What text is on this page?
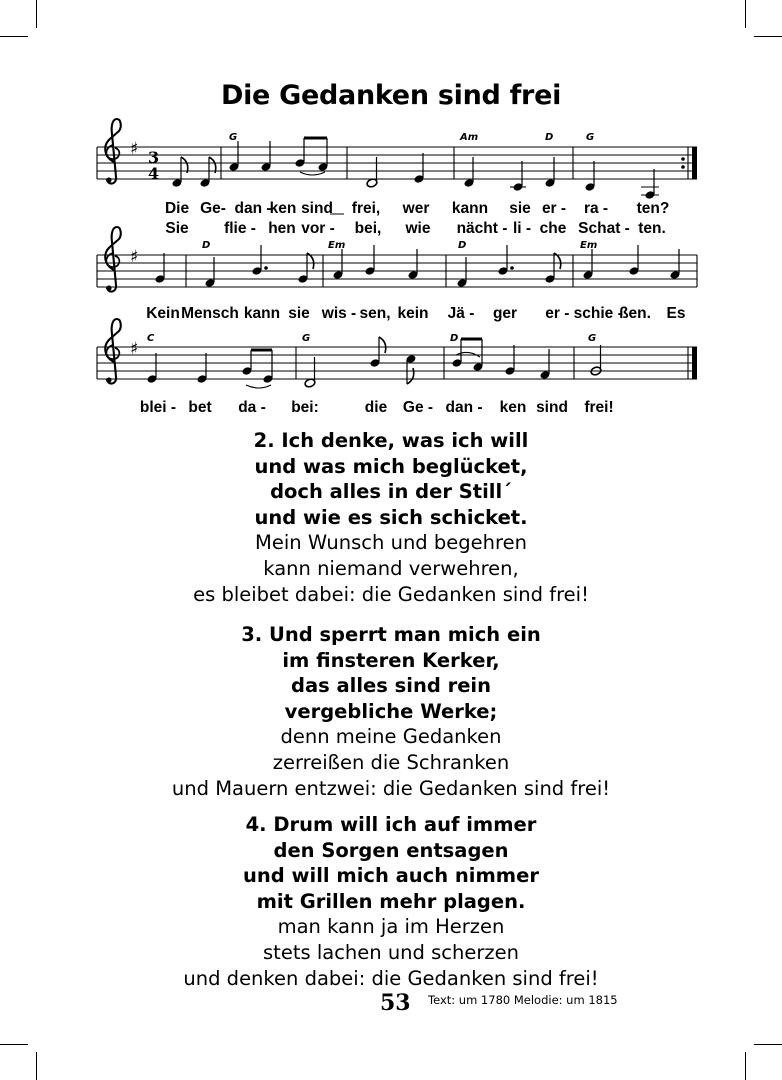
Die Gedanken sind frei
♯ 3
4
G	Am	D	G
Die Ge- dan -
ken sind frei, wer kann sie er - ra - ten?
Sie flie - hen vor - bei, wie nächt - li - che Schat - ten.
♯
D	Em	D	Em
Kein Mensch kann sie wis - sen, kein Jä - ger er - schie -
ßen. Es
♯
C	G	D	G
blei - bet da - bei:	die Ge - dan - ken sind frei!
2. Ich denke, was ich will
und was mich beglücket,
doch alles in der Still´
und wie es sich schicket.
Mein Wunsch und begehren
kann niemand verwehren,
es bleibet dabei: die Gedanken sind frei!
3. Und sperrt man mich ein
im finsteren Kerker,
das alles sind rein
vergebliche Werke;
denn meine Gedanken
zerreißen die Schranken
und Mauern entzwei: die Gedanken sind frei!
4. Drum will ich auf immer
den Sorgen entsagen
und will mich auch nimmer
mit Grillen mehr plagen.
man kann ja im Herzen
stets lachen und scherzen
und denken dabei: die Gedanken sind frei!
53 Text: um 1780 Melodie: um 1815
